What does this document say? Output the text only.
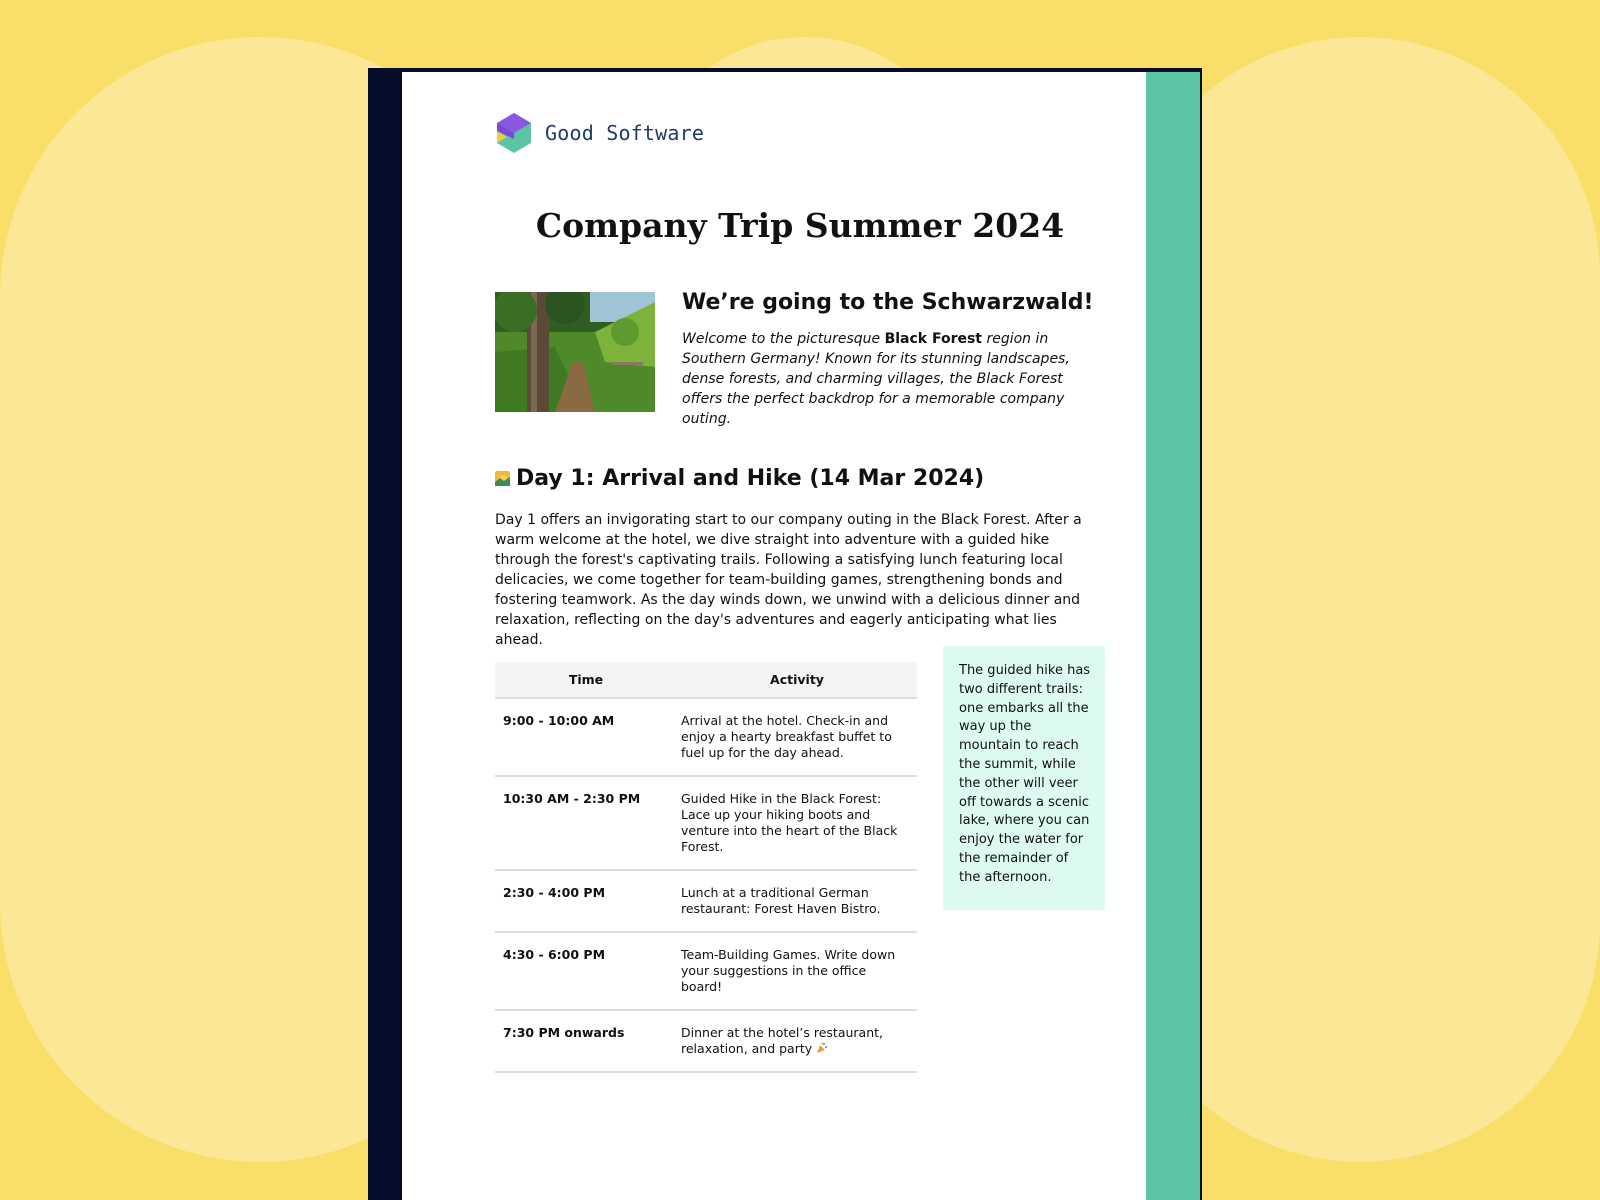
Good Software
Company Trip Summer 2024
We’re going to the Schwarzwald!

Welcome to the picturesque Black Forest region in Southern Germany! Known for its stunning landscapes, dense forests, and charming villages, the Black Forest offers the perfect backdrop for a memorable company outing.

Day 1: Arrival and Hike (14 Mar 2024)

Day 1 offers an invigorating start to our company outing in the Black Forest. After a warm welcome at the hotel, we dive straight into adventure with a guided hike through the forest's captivating trails. Following a satisfying lunch featuring local delicacies, we come together for team-building games, strengthening bonds and fostering teamwork. As the day winds down, we unwind with a delicious dinner and relaxation, reflecting on the day's adventures and eagerly anticipating what lies ahead.

Time	Activity
9:00 - 10:00 AM	Arrival at the hotel. Check-in and enjoy a hearty breakfast buffet to fuel up for the day ahead.
10:30 AM - 2:30 PM	Guided Hike in the Black Forest: Lace up your hiking boots and venture into the heart of the Black Forest.
2:30 - 4:00 PM	Lunch at a traditional German restaurant: Forest Haven Bistro.
4:30 - 6:00 PM	Team-Building Games. Write down your suggestions in the office board!
7:30 PM onwards	Dinner at the hotel’s restaurant, relaxation, and party
The guided hike has two different trails: one embarks all the way up the mountain to reach the summit, while the other will veer off towards a scenic lake, where you can enjoy the water for the remainder of the afternoon.
